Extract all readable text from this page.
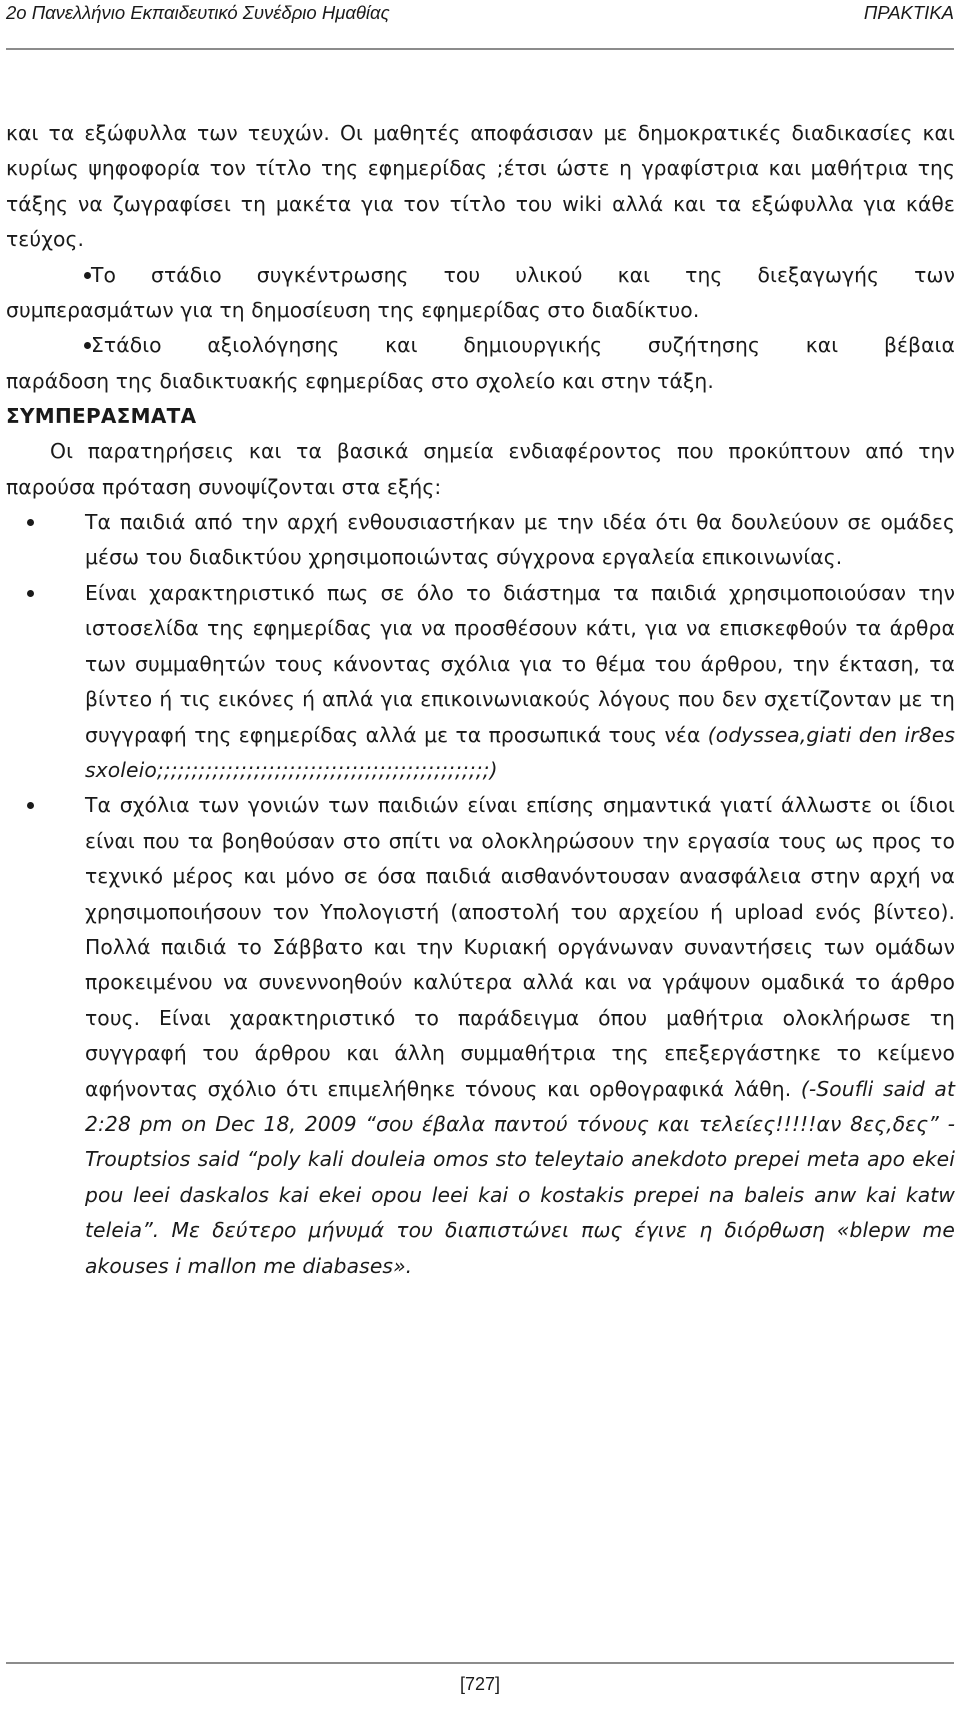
2ο Πανελλήνιο Εκπαιδευτικό Συνέδριο Ημαθίας	ΠΡΑΚΤΙΚΑ

και τα εξώφυλλα των τευχών. Οι μαθητές αποφάσισαν με δημοκρατικές διαδικασίες και κυρίως ψηφοφορία τον τίτλο της εφημερίδας ;έτσι ώστε η γραφίστρια και μαθήτρια της τάξης να ζωγραφίσει τη μακέτα για τον τίτλο του wiki αλλά και τα εξώφυλλα για κάθε τεύχος.

Το στάδιο συγκέντρωσης του υλικού και της διεξαγωγής των

συμπερασμάτων για τη δημοσίευση της εφημερίδας στο διαδίκτυο.

Στάδιο αξιολόγησης και δημιουργικής συζήτησης και βέβαια

παράδοση της διαδικτυακής εφημερίδας στο σχολείο και στην τάξη.

ΣΥΜΠΕΡΑΣΜΑΤΑ

Οι παρατηρήσεις και τα βασικά σημεία ενδιαφέροντος που προκύπτουν από την παρούσα πρόταση συνοψίζονται στα εξής:

Τα παιδιά από την αρχή ενθουσιαστήκαν με την ιδέα ότι θα δουλεύουν σε ομάδες μέσω του διαδικτύου χρησιμοποιώντας σύγχρονα εργαλεία επικοινωνίας.
Είναι χαρακτηριστικό πως σε όλο το διάστημα τα παιδιά χρησιμοποιούσαν την ιστοσελίδα της εφημερίδας για να προσθέσουν κάτι, για να επισκεφθούν τα άρθρα των συμμαθητών τους κάνοντας σχόλια για το θέμα του άρθρου, την έκταση, τα βίντεο ή τις εικόνες ή απλά για επικοινωνιακούς λόγους που δεν σχετίζονταν με τη συγγραφή της εφημερίδας αλλά με τα προσωπικά τους νέα (odyssea,giati den ir8es sxoleio;;;;;;;;;;;;;;;;;;;;;;;;;;;;;;;;;;;;;;;;;;;;;;;;)
Τα σχόλια των γονιών των παιδιών είναι επίσης σημαντικά γιατί άλλωστε οι ίδιοι είναι που τα βοηθούσαν στο σπίτι να ολοκληρώσουν την εργασία τους ως προς το τεχνικό μέρος και μόνο σε όσα παιδιά αισθανόντουσαν ανασφάλεια στην αρχή να χρησιμοποιήσουν τον Υπολογιστή (αποστολή του αρχείου ή upload ενός βίντεο). Πολλά παιδιά το Σάββατο και την Κυριακή οργάνωναν συναντήσεις των ομάδων προκειμένου να συνεννοηθούν καλύτερα αλλά και να γράψουν ομαδικά το άρθρο τους. Είναι χαρακτηριστικό το παράδειγμα όπου μαθήτρια ολοκλήρωσε τη συγγραφή του άρθρου και άλλη συμμαθήτρια της επεξεργάστηκε το κείμενο αφήνοντας σχόλιο ότι επιμελήθηκε τόνους και ορθογραφικά λάθη. (-Soufli said at 2:28 pm on Dec 18, 2009 “σου έβαλα παντού τόνους και τελείες!!!!!αν 8ες,δες” - Trouptsios said “poly kali douleia omos sto teleytaio anekdoto prepei meta apo ekei pou leei daskalos kai ekei opou leei kai o kostakis prepei na baleis anw kai katw teleia”. Με δεύτερο μήνυμά του διαπιστώνει πως έγινε η διόρθωση «blepw me akouses i mallon me diabases».
[727]
